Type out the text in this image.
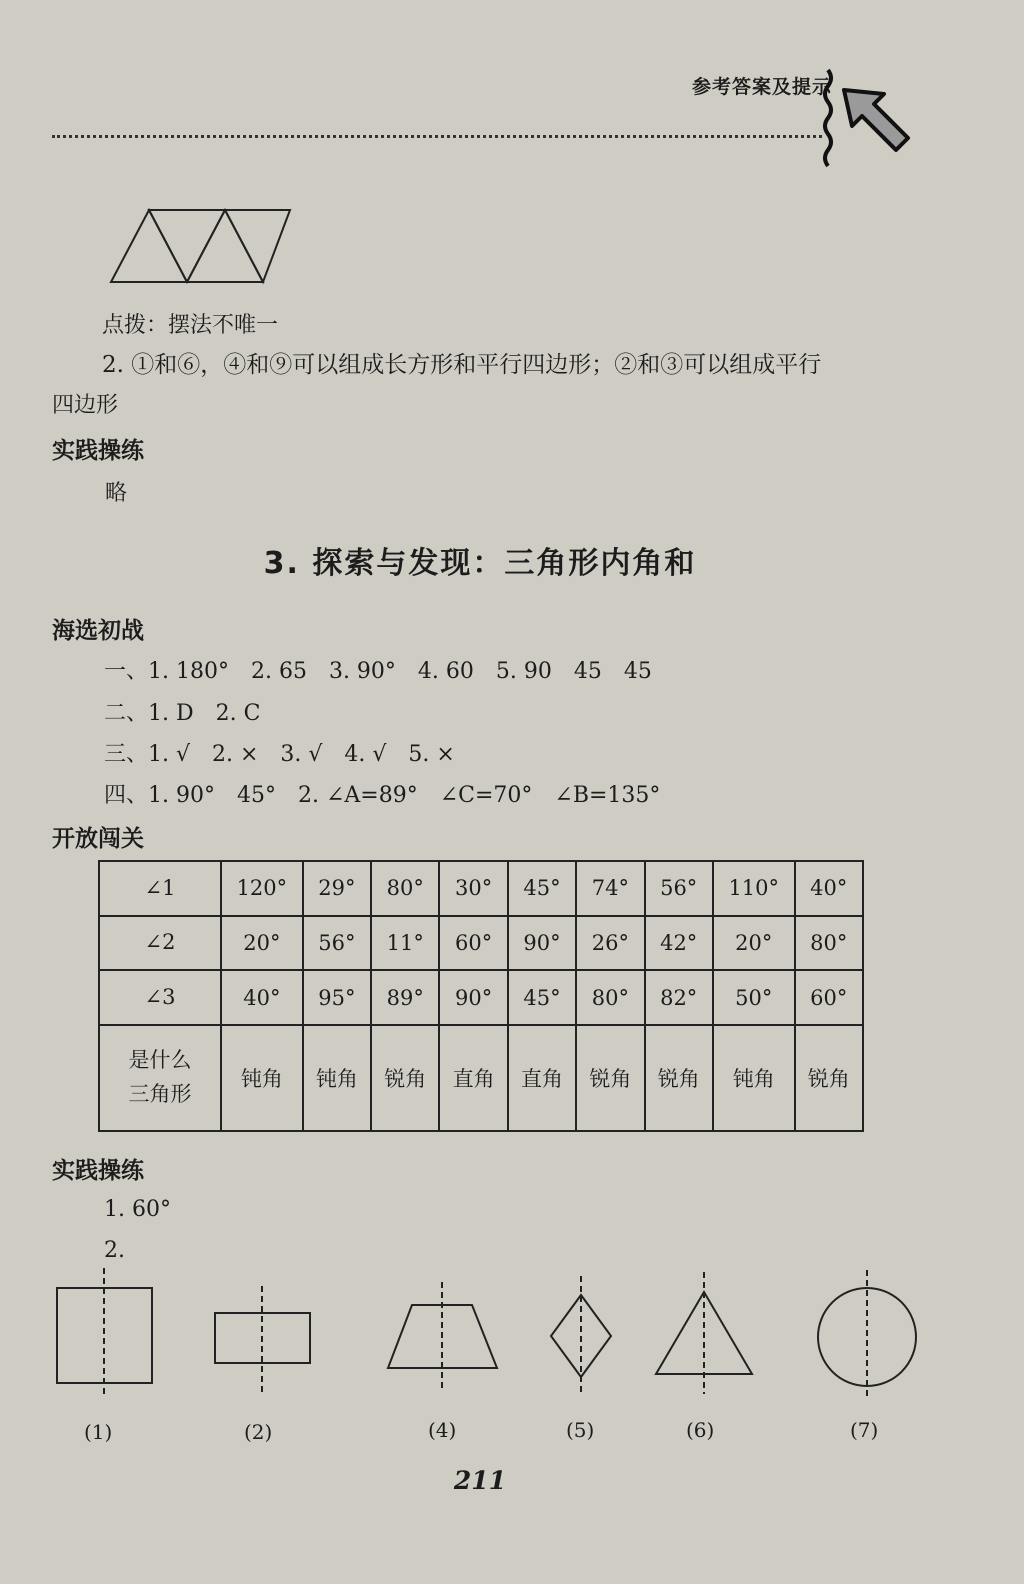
参考答案及提示
点拨：摆法不唯一
2. ①和⑥，④和⑨可以组成长方形和平行四边形；②和③可以组成平行
四边形
实践操练
略
3. 探索与发现：三角形内角和
海选初战
一、1. 180°　2. 65　3. 90°　4. 60　5. 90　45　45
二、1. D　2. C
三、1. √　2. ×　3. √　4. √　5. ×
四、1. 90°　45°　2. ∠A=89°　∠C=70°　∠B=135°
开放闯关
∠1	120°	29°	80°	30°	45°	74°	56°	110°	40°
∠2	20°	56°	11°	60°	90°	26°	42°	20°	80°
∠3	40°	95°	89°	90°	45°	80°	82°	50°	60°
是什么
三角形	钝角	钝角	锐角	直角	直角	锐角	锐角	钝角	锐角
实践操练
1. 60°
2.
(1)	(2)	(4)	(5)	(6)	(7)
211
